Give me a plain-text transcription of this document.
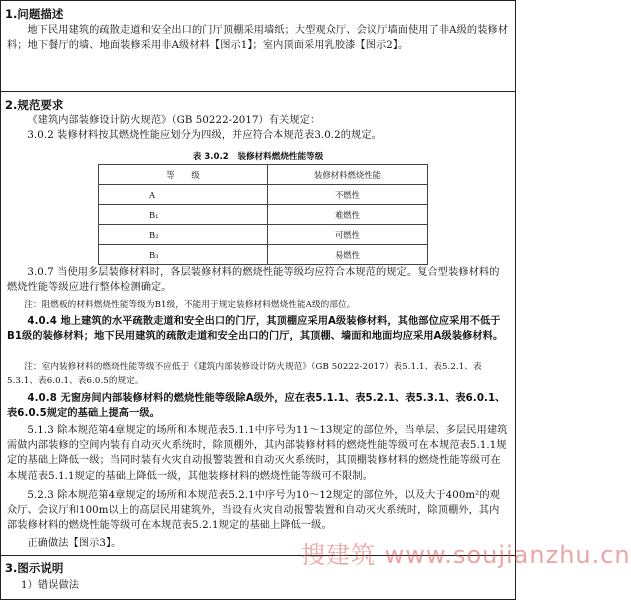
1.问题描述
地下民用建筑的疏散走道和安全出口的门厅顶棚采用墙纸；大型观众厅、会议厅墙面使用了非A级的装修材料；地下餐厅的墙、地面装修采用非A级材料【图示1】；室内顶面采用乳胶漆【图示2】。
2.规范要求
《建筑内部装修设计防火规范》（GB 50222-2017）有关规定：
3.0.2 装修材料按其燃烧性能应划分为四级，并应符合本规范表3.0.2的规定。
表 3.0.2　装修材料燃烧性能等级
等　　级	装修材料燃烧性能
A	不燃性
B₁	难燃性
B₂	可燃性
B₃	易燃性
3.0.7 当使用多层装修材料时，各层装修材料的燃烧性能等级均应符合本规范的规定。复合型装修材料的燃烧性能等级应进行整体检测确定。
注：阻燃板的材料燃烧性能等级为B1级，不能用于规定装修材料燃烧性能A级的部位。
4.0.4 地上建筑的水平疏散走道和安全出口的门厅，其顶棚应采用A级装修材料，其他部位应采用不低于B1级的装修材料；地下民用建筑的疏散走道和安全出口的门厅，其顶棚、墙面和地面均应采用A级装修材料。
注：室内装修材料的燃烧性能等级不应低于《建筑内部装修设计防火规范》（GB 50222-2017）表5.1.1、表5.2.1、表5.3.1、表6.0.1、表6.0.5的规定。
4.0.8 无窗房间内部装修材料的燃烧性能等级除A级外，应在表5.1.1、表5.2.1、表5.3.1、表6.0.1、表6.0.5规定的基础上提高一级。
5.1.3 除本规范第4章规定的场所和本规范表5.1.1中序号为11～13规定的部位外，当单层、多层民用建筑需做内部装修的空间内装有自动灭火系统时，除顶棚外，其内部装修材料的燃烧性能等级可在本规范表5.1.1规定的基础上降低一级；当同时装有火灾自动报警装置和自动灭火系统时，其顶棚装修材料的燃烧性能等级可在本规范表5.1.1规定的基础上降低一级，其他装修材料的燃烧性能等级可不限制。
5.2.3 除本规范第4章规定的场所和本规范表5.2.1中序号为10～12规定的部位外，以及大于400m²的观众厅、会议厅和100m以上的高层民用建筑外，当设有火灾自动报警装置和自动灭火系统时，除顶棚外，其内部装修材料的燃烧性能等级可在本规范表5.2.1规定的基础上降低一级。
正确做法【图示3】。
3.图示说明
1）错误做法
搜建筑 www.soujianzhu.cn
